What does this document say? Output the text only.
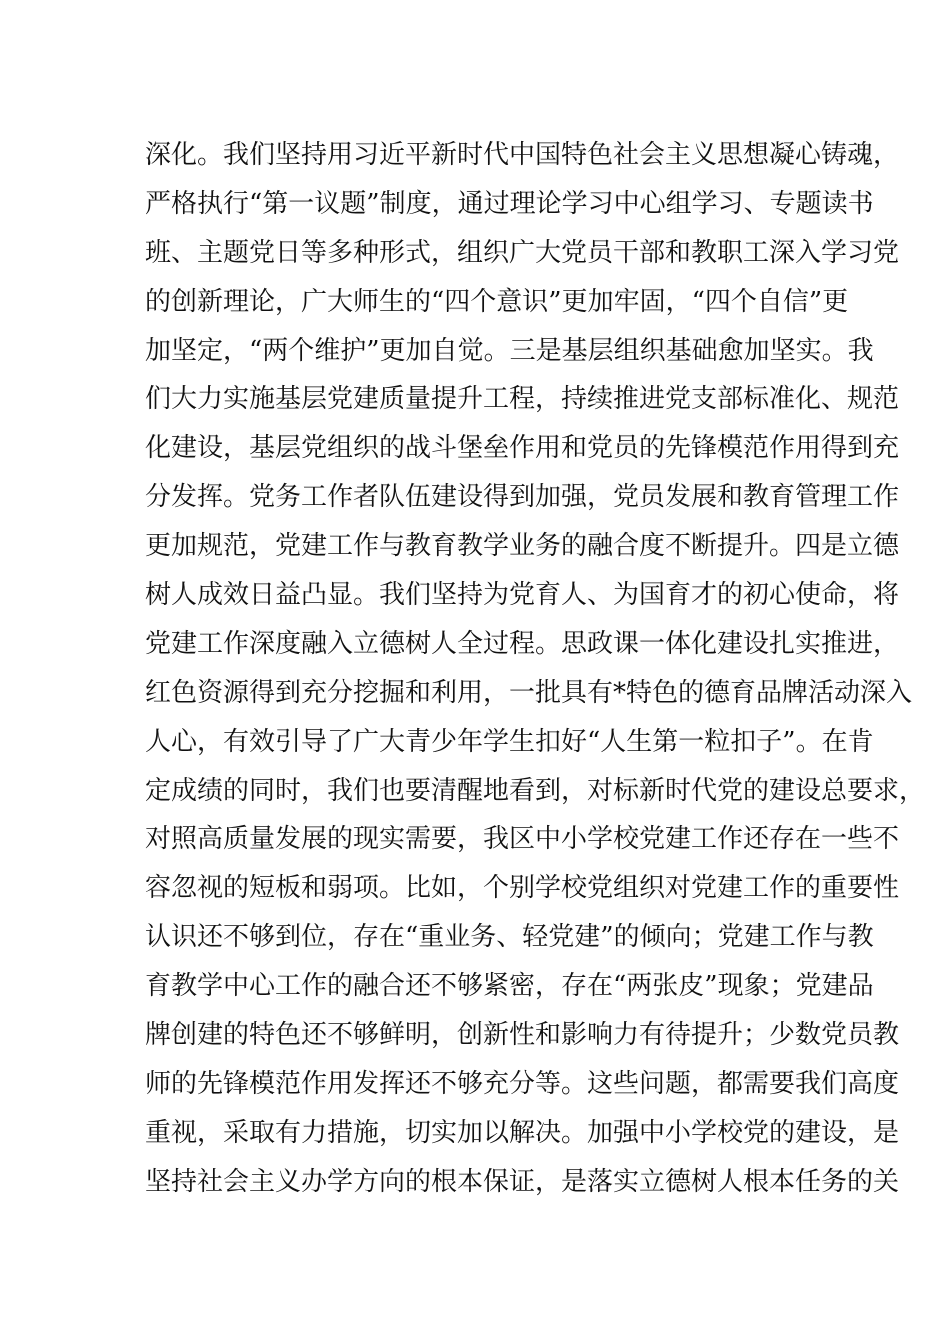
深化。我们坚持用习近平新时代中国特色社会主义思想凝心铸魂，
严格执行“第一议题”制度，通过理论学习中心组学习、专题读书
班、主题党日等多种形式，组织广大党员干部和教职工深入学习党
的创新理论，广大师生的“四个意识”更加牢固，“四个自信”更
加坚定，“两个维护”更加自觉。三是基层组织基础愈加坚实。我
们大力实施基层党建质量提升工程，持续推进党支部标准化、规范
化建设，基层党组织的战斗堡垒作用和党员的先锋模范作用得到充
分发挥。党务工作者队伍建设得到加强，党员发展和教育管理工作
更加规范，党建工作与教育教学业务的融合度不断提升。四是立德
树人成效日益凸显。我们坚持为党育人、为国育才的初心使命，将
党建工作深度融入立德树人全过程。思政课一体化建设扎实推进，
红色资源得到充分挖掘和利用，一批具有*特色的德育品牌活动深入
人心，有效引导了广大青少年学生扣好“人生第一粒扣子”。在肯
定成绩的同时，我们也要清醒地看到，对标新时代党的建设总要求，
对照高质量发展的现实需要，我区中小学校党建工作还存在一些不
容忽视的短板和弱项。比如，个别学校党组织对党建工作的重要性
认识还不够到位，存在“重业务、轻党建”的倾向；党建工作与教
育教学中心工作的融合还不够紧密，存在“两张皮”现象；党建品
牌创建的特色还不够鲜明，创新性和影响力有待提升；少数党员教
师的先锋模范作用发挥还不够充分等。这些问题，都需要我们高度
重视，采取有力措施，切实加以解决。加强中小学校党的建设，是
坚持社会主义办学方向的根本保证，是落实立德树人根本任务的关
